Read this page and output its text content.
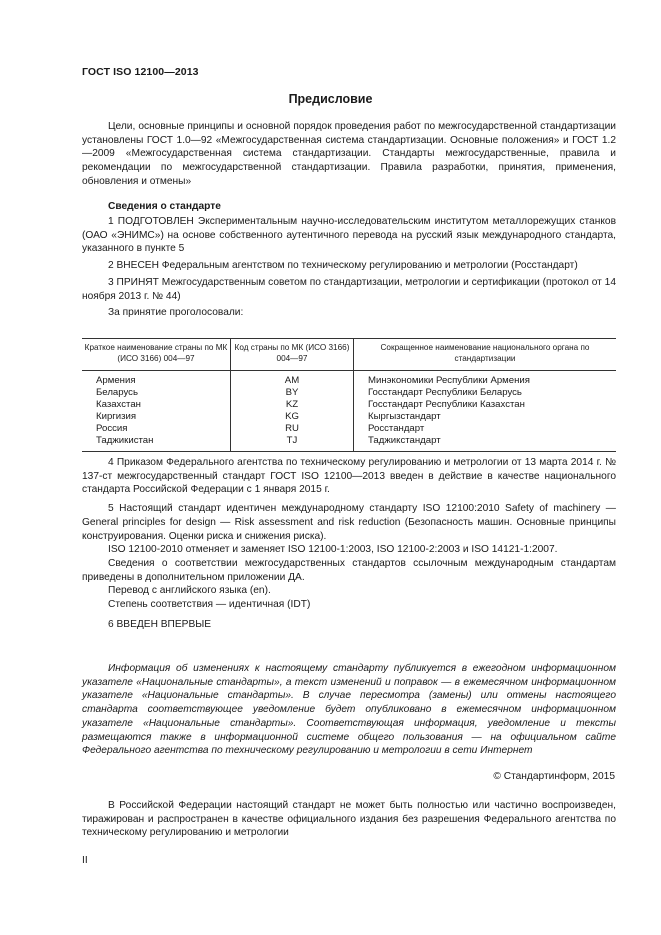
ГОСТ ISO 12100—2013
Предисловие

Цели, основные принципы и основной порядок проведения работ по межгосударственной стандартизации установлены ГОСТ 1.0—92 «Межгосударственная система стандартизации. Основные положения» и ГОСТ 1.2—2009 «Межгосударственная система стандартизации. Стандарты межгосударственные, правила и рекомендации по межгосударственной стандартизации. Правила разработки, принятия, применения, обновления и отмены»

Сведения о стандарте

1 ПОДГОТОВЛЕН Экспериментальным научно-исследовательским институтом металлорежущих станков (ОАО «ЭНИМС») на основе собственного аутентичного перевода на русский язык международного стандарта, указанного в пункте 5

2 ВНЕСЕН Федеральным агентством по техническому регулированию и метрологии (Росстандарт)

3 ПРИНЯТ Межгосударственным советом по стандартизации, метрологии и сертификации (протокол от 14 ноября 2013 г. № 44)

За принятие проголосовали:

Краткое наименование страны по МК (ИСО 3166) 004—97	Код страны по МК (ИСО 3166) 004—97	Сокращенное наименование национального органа по стандартизации
Армения	AM	Минэкономики Республики Армения
Беларусь	BY	Госстандарт Республики Беларусь
Казахстан	KZ	Госстандарт Республики Казахстан
Киргизия	KG	Кыргызстандарт
Россия	RU	Росстандарт
Таджикистан	TJ	Таджикстандарт

4 Приказом Федерального агентства по техническому регулированию и метрологии от 13 марта 2014 г. № 137-ст межгосударственный стандарт ГОСТ ISO 12100—2013 введен в действие в качестве национального стандарта Российской Федерации с 1 января 2015 г.

5 Настоящий стандарт идентичен международному стандарту ISO 12100:2010 Safety of machinery — General principles for design — Risk assessment and risk reduction (Безопасность машин. Основные принципы конструирования. Оценки риска и снижения риска).

ISO 12100-2010 отменяет и заменяет ISO 12100-1:2003, ISO 12100-2:2003 и ISO 14121-1:2007.

Сведения о соответствии межгосударственных стандартов ссылочным международным стандартам приведены в дополнительном приложении ДА.

Перевод с английского языка (en).

Степень соответствия — идентичная (IDT)

6 ВВЕДЕН ВПЕРВЫЕ

Информация об изменениях к настоящему стандарту публикуется в ежегодном информационном указателе «Национальные стандарты», а текст изменений и поправок — в ежемесячном информационном указателе «Национальные стандарты». В случае пересмотра (замены) или отмены настоящего стандарта соответствующее уведомление будет опубликовано в ежемесячном информационном указателе «Национальные стандарты». Соответствующая информация, уведомление и тексты размещаются также в информационной системе общего пользования — на официальном сайте Федерального агентства по техническому регулированию и метрологии в сети Интернет

© Стандартинформ, 2015

В Российской Федерации настоящий стандарт не может быть полностью или частично воспроизведен, тиражирован и распространен в качестве официального издания без разрешения Федерального агентства по техническому регулированию и метрологии

II
